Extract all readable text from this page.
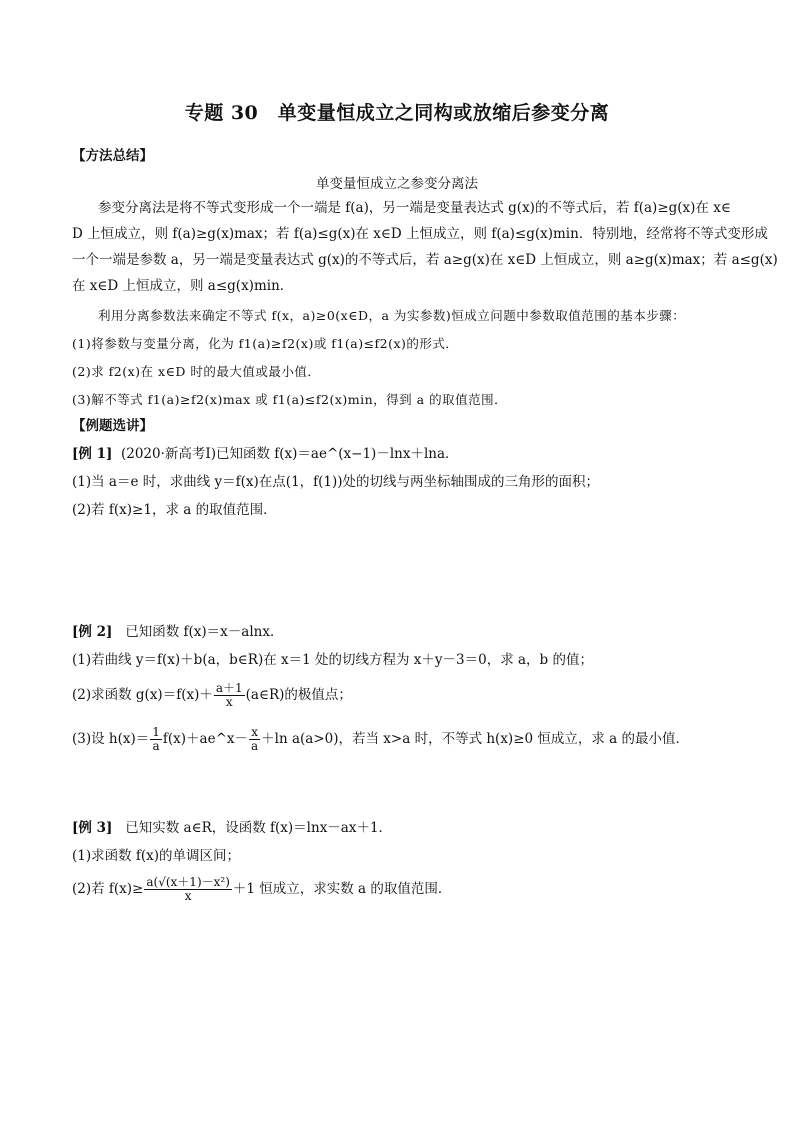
专题 30　单变量恒成立之同构或放缩后参变分离
【方法总结】
单变量恒成立之参变分离法
参变分离法是将不等式变形成一个一端是 f(a)，另一端是变量表达式 g(x)的不等式后，若 f(a)≥g(x)在 x∈
D 上恒成立，则 f(a)≥g(x)max；若 f(a)≤g(x)在 x∈D 上恒成立，则 f(a)≤g(x)min．特别地，经常将不等式变形成
一个一端是参数 a，另一端是变量表达式 g(x)的不等式后，若 a≥g(x)在 x∈D 上恒成立，则 a≥g(x)max；若 a≤g(x)
在 x∈D 上恒成立，则 a≤g(x)min．
利用分离参数法来确定不等式 f(x，a)≥0(x∈D，a 为实参数)恒成立问题中参数取值范围的基本步骤：
(1)将参数与变量分离，化为 f1(a)≥f2(x)或 f1(a)≤f2(x)的形式．
(2)求 f2(x)在 x∈D 时的最大值或最小值．
(3)解不等式 f1(a)≥f2(x)max 或 f1(a)≤f2(x)min，得到 a 的取值范围．
【例题选讲】
[例 1] (2020·新高考Ⅰ)已知函数 f(x)＝ae^(x−1)－lnx＋lna．
(1)当 a＝e 时，求曲线 y＝f(x)在点(1，f(1))处的切线与两坐标轴围成的三角形的面积；
(2)若 f(x)≥1，求 a 的取值范围．
[例 2] 已知函数 f(x)＝x－alnx．
(1)若曲线 y＝f(x)＋b(a，b∈R)在 x＝1 处的切线方程为 x＋y－3＝0，求 a，b 的值；
(2)求函数 $g(x)=f(x)+ \frac{a+1}{x}$ (a∈R)的极值点；
(3)设 $h(x)= \frac{1}{a}$ f(x)＋ae^x－ $\frac{x}{a} +\ln$ a(a>0)，若当 x>a 时，不等式 h(x)≥0 恒成立，求 a 的最小值．
[例 3] 已知实数 a∈R，设函数 f(x)＝lnx－ax＋1．
(1)求函数 f(x)的单调区间；
(2)若 $f(x)\ge \frac{\text{a(√(x＋1)－x²)}}{x} +1$ 恒成立，求实数 a 的取值范围．
